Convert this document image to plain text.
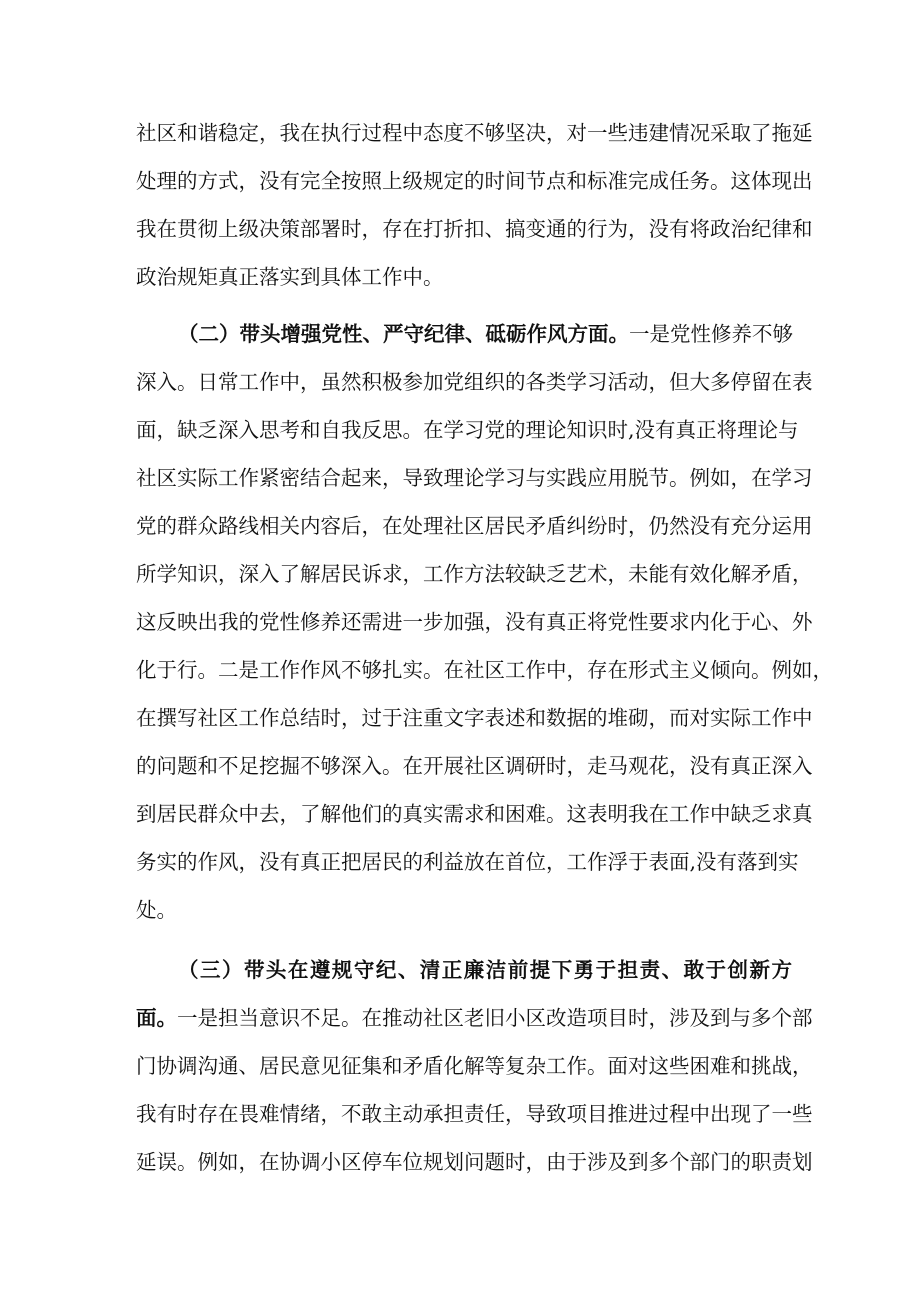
社区和谐稳定，我在执行过程中态度不够坚决，对一些违建情况采取了拖延
处理的方式，没有完全按照上级规定的时间节点和标准完成任务。这体现出
我在贯彻上级决策部署时，存在打折扣、搞变通的行为，没有将政治纪律和
政治规矩真正落实到具体工作中。
（二）带头增强党性、严守纪律、砥砺作风方面。一是党性修养不够
深入。日常工作中，虽然积极参加党组织的各类学习活动，但大多停留在表
面，缺乏深入思考和自我反思。在学习党的理论知识时,没有真正将理论与
社区实际工作紧密结合起来，导致理论学习与实践应用脱节。例如，在学习
党的群众路线相关内容后，在处理社区居民矛盾纠纷时，仍然没有充分运用
所学知识，深入了解居民诉求，工作方法较缺乏艺术，未能有效化解矛盾，
这反映出我的党性修养还需进一步加强，没有真正将党性要求内化于心、外
化于行。二是工作作风不够扎实。在社区工作中，存在形式主义倾向。例如，
在撰写社区工作总结时，过于注重文字表述和数据的堆砌，而对实际工作中
的问题和不足挖掘不够深入。在开展社区调研时，走马观花，没有真正深入
到居民群众中去，了解他们的真实需求和困难。这表明我在工作中缺乏求真
务实的作风，没有真正把居民的利益放在首位，工作浮于表面,没有落到实
处。
（三）带头在遵规守纪、清正廉洁前提下勇于担责、敢于创新方
面。一是担当意识不足。在推动社区老旧小区改造项目时，涉及到与多个部
门协调沟通、居民意见征集和矛盾化解等复杂工作。面对这些困难和挑战，
我有时存在畏难情绪，不敢主动承担责任，导致项目推进过程中出现了一些
延误。例如，在协调小区停车位规划问题时，由于涉及到多个部门的职责划
